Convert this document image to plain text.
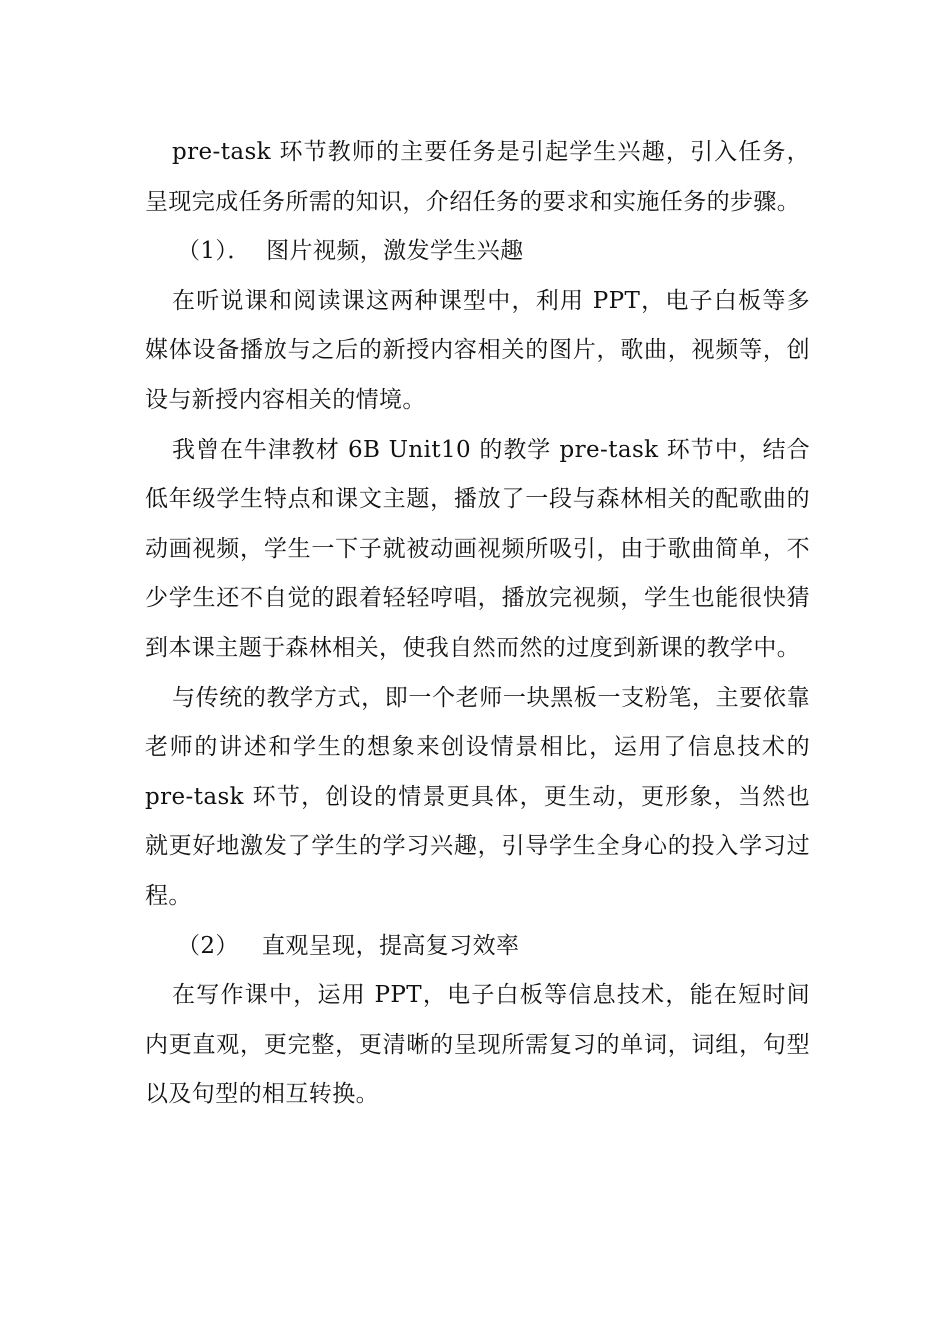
pre-task 环节教师的主要任务是引起学生兴趣，引入任务，呈现完成任务所需的知识，介绍任务的要求和实施任务的步骤。

（1）．  图片视频，激发学生兴趣

在听说课和阅读课这两种课型中，利用 PPT，电子白板等多媒体设备播放与之后的新授内容相关的图片，歌曲，视频等，创设与新授内容相关的情境。

我曾在牛津教材 6B Unit10 的教学 pre-task 环节中，结合低年级学生特点和课文主题，播放了一段与森林相关的配歌曲的动画视频，学生一下子就被动画视频所吸引，由于歌曲简单，不少学生还不自觉的跟着轻轻哼唱，播放完视频，学生也能很快猜到本课主题于森林相关，使我自然而然的过度到新课的教学中。

与传统的教学方式，即一个老师一块黑板一支粉笔，主要依靠老师的讲述和学生的想象来创设情景相比，运用了信息技术的 pre-task 环节，创设的情景更具体，更生动，更形象，当然也就更好地激发了学生的学习兴趣，引导学生全身心的投入学习过程。

（2）   直观呈现，提高复习效率

在写作课中，运用 PPT，电子白板等信息技术，能在短时间内更直观，更完整，更清晰的呈现所需复习的单词，词组，句型以及句型的相互转换。
